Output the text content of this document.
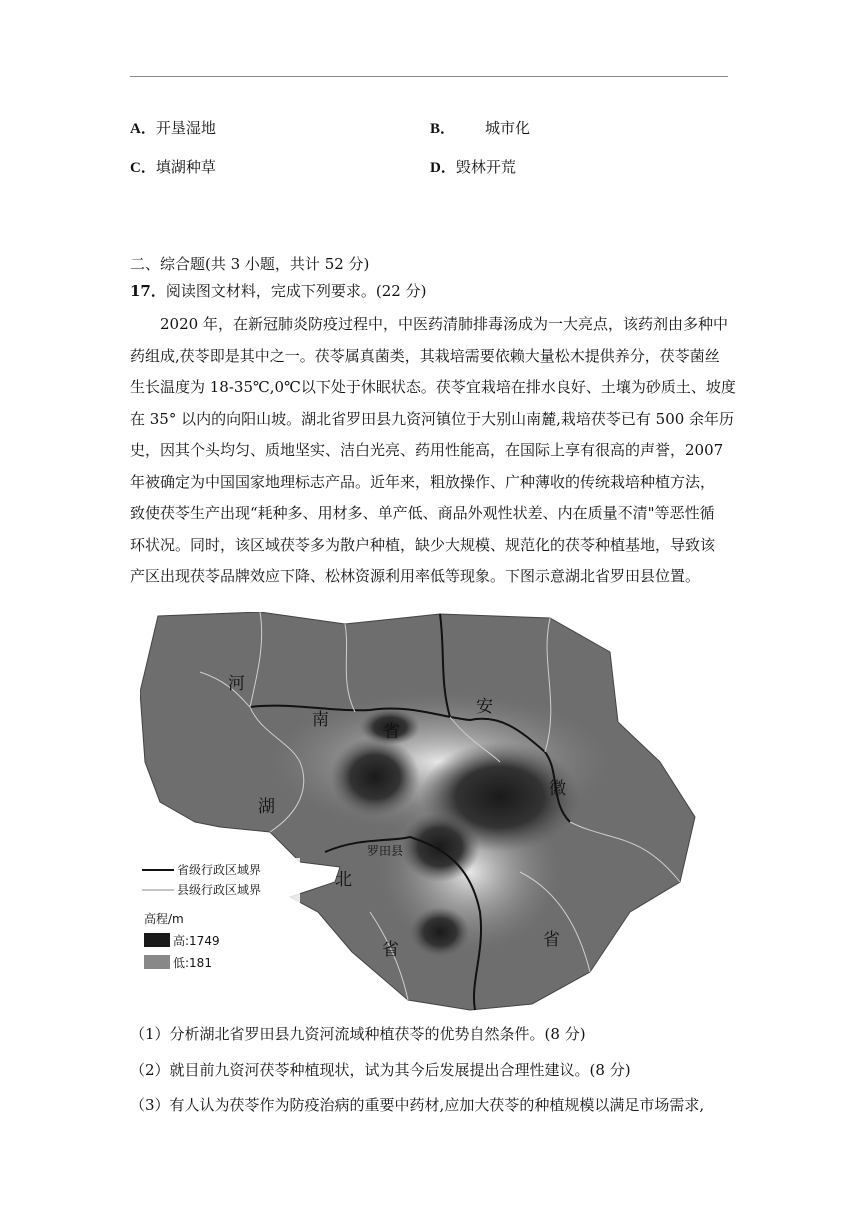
A．开垦湿地	B． 城市化
C．填湖种草	D．毁林开荒
二、综合题(共 3 小题，共计 52 分)
17．阅读图文材料，完成下列要求。(22 分)
2020 年，在新冠肺炎防疫过程中，中医药清肺排毒汤成为一大亮点，该药剂由多种中
药组成,茯苓即是其中之一。茯苓属真菌类，其栽培需要依赖大量松木提供养分，茯苓菌丝
生长温度为 18-35℃,0℃以下处于休眠状态。茯苓宜栽培在排水良好、土壤为砂质土、坡度
在 35° 以内的向阳山坡。湖北省罗田县九资河镇位于大别山南麓,栽培茯苓已有 500 余年历
史，因其个头均匀、质地坚实、洁白光亮、药用性能高，在国际上享有很高的声誉，2007
年被确定为中国国家地理标志产品。近年来，粗放操作、广种薄收的传统栽培种植方法，
致使茯苓生产出现“耗种多、用材多、单产低、商品外观性状差、内在质量不清"等恶性循
环状况。同时，该区域茯苓多为散户种植，缺少大规模、规范化的茯苓种植基地，导致该
产区出现茯苓品牌效应下降、松林资源利用率低等现象。下图示意湖北省罗田县位置。
河
南
省
安
湖
徽
北
省	省
罗田县
省级行政区域界
县级行政区域界
高程/m
高:1749
低:181
（1）分析湖北省罗田县九资河流域种植茯苓的优势自然条件。(8 分)
（2）就目前九资河茯苓种植现状，试为其今后发展提出合理性建议。(8 分)
（3）有人认为茯苓作为防疫治病的重要中药材,应加大茯苓的种植规模以满足市场需求,
